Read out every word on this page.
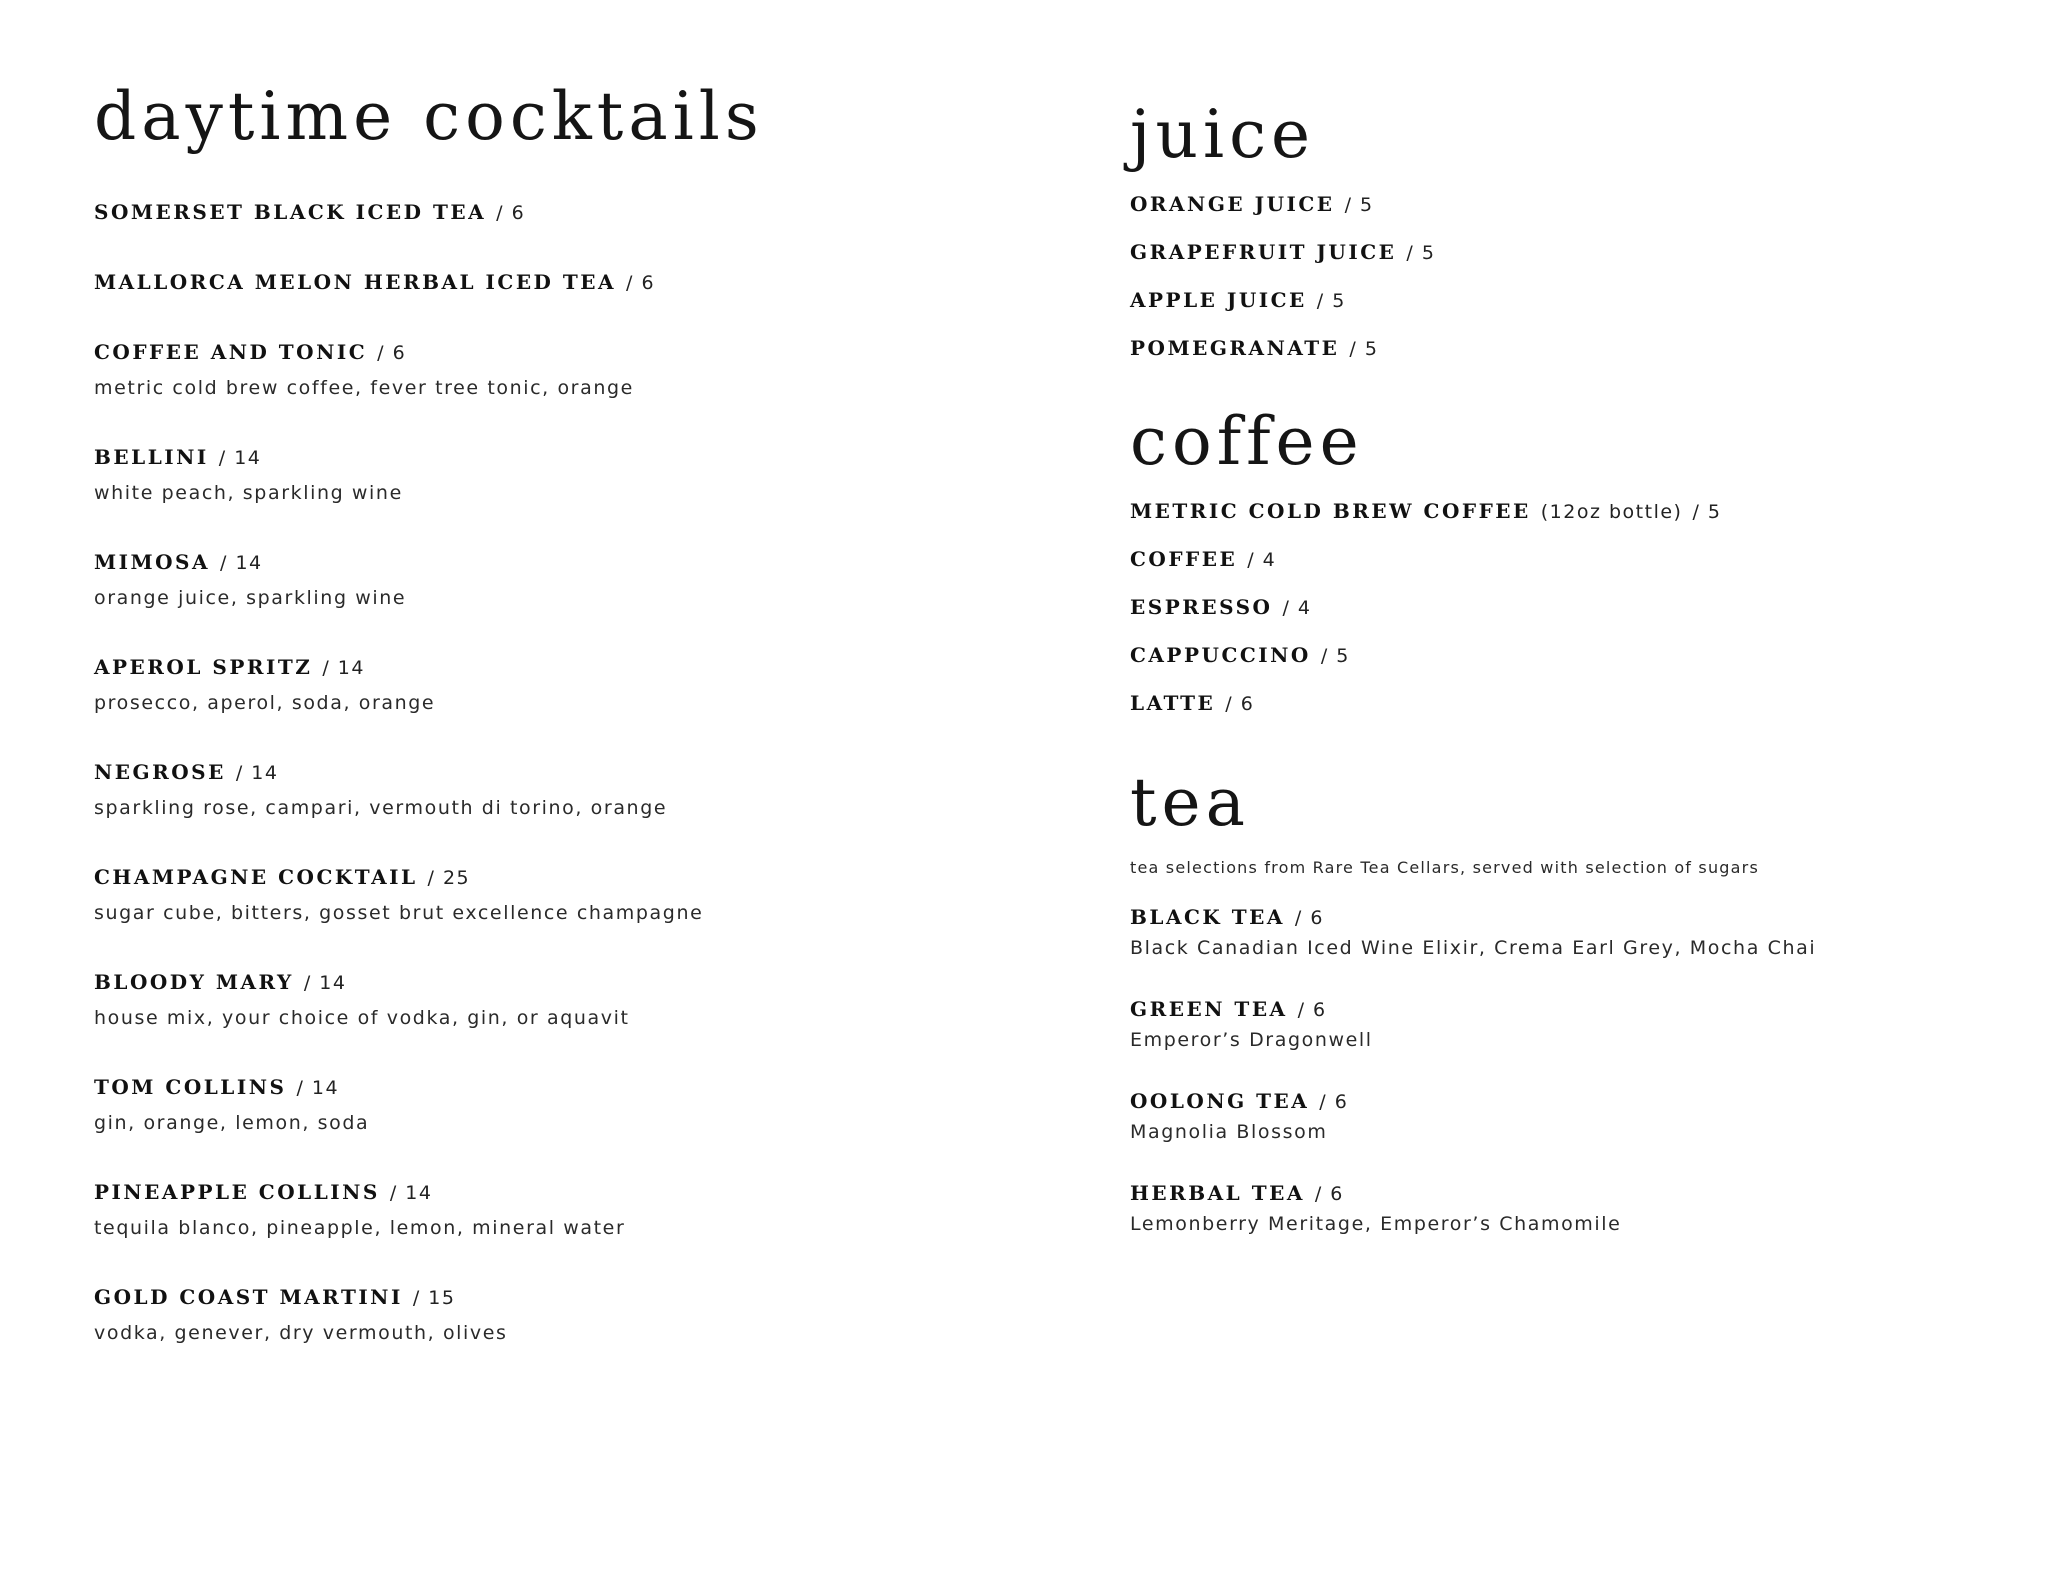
daytime cocktails
SOMERSET BLACK ICED TEA / 6
MALLORCA MELON HERBAL ICED TEA / 6
COFFEE AND TONIC / 6
metric cold brew coffee, fever tree tonic, orange
BELLINI / 14
white peach, sparkling wine
MIMOSA / 14
orange juice, sparkling wine
APEROL SPRITZ / 14
prosecco, aperol, soda, orange
NEGROSE / 14
sparkling rose, campari, vermouth di torino, orange
CHAMPAGNE COCKTAIL / 25
sugar cube, bitters, gosset brut excellence champagne
BLOODY MARY / 14
house mix, your choice of vodka, gin, or aquavit
TOM COLLINS / 14
gin, orange, lemon, soda
PINEAPPLE COLLINS / 14
tequila blanco, pineapple, lemon, mineral water
GOLD COAST MARTINI / 15
vodka, genever, dry vermouth, olives
juice
ORANGE JUICE / 5
GRAPEFRUIT JUICE / 5
APPLE JUICE / 5
POMEGRANATE / 5
coffee
METRIC COLD BREW COFFEE (12oz bottle) / 5
COFFEE / 4
ESPRESSO / 4
CAPPUCCINO / 5
LATTE / 6
tea
tea selections from Rare Tea Cellars, served with selection of sugars
BLACK TEA / 6
Black Canadian Iced Wine Elixir, Crema Earl Grey, Mocha Chai
GREEN TEA / 6
Emperor’s Dragonwell
OOLONG TEA / 6
Magnolia Blossom
HERBAL TEA / 6
Lemonberry Meritage, Emperor’s Chamomile
